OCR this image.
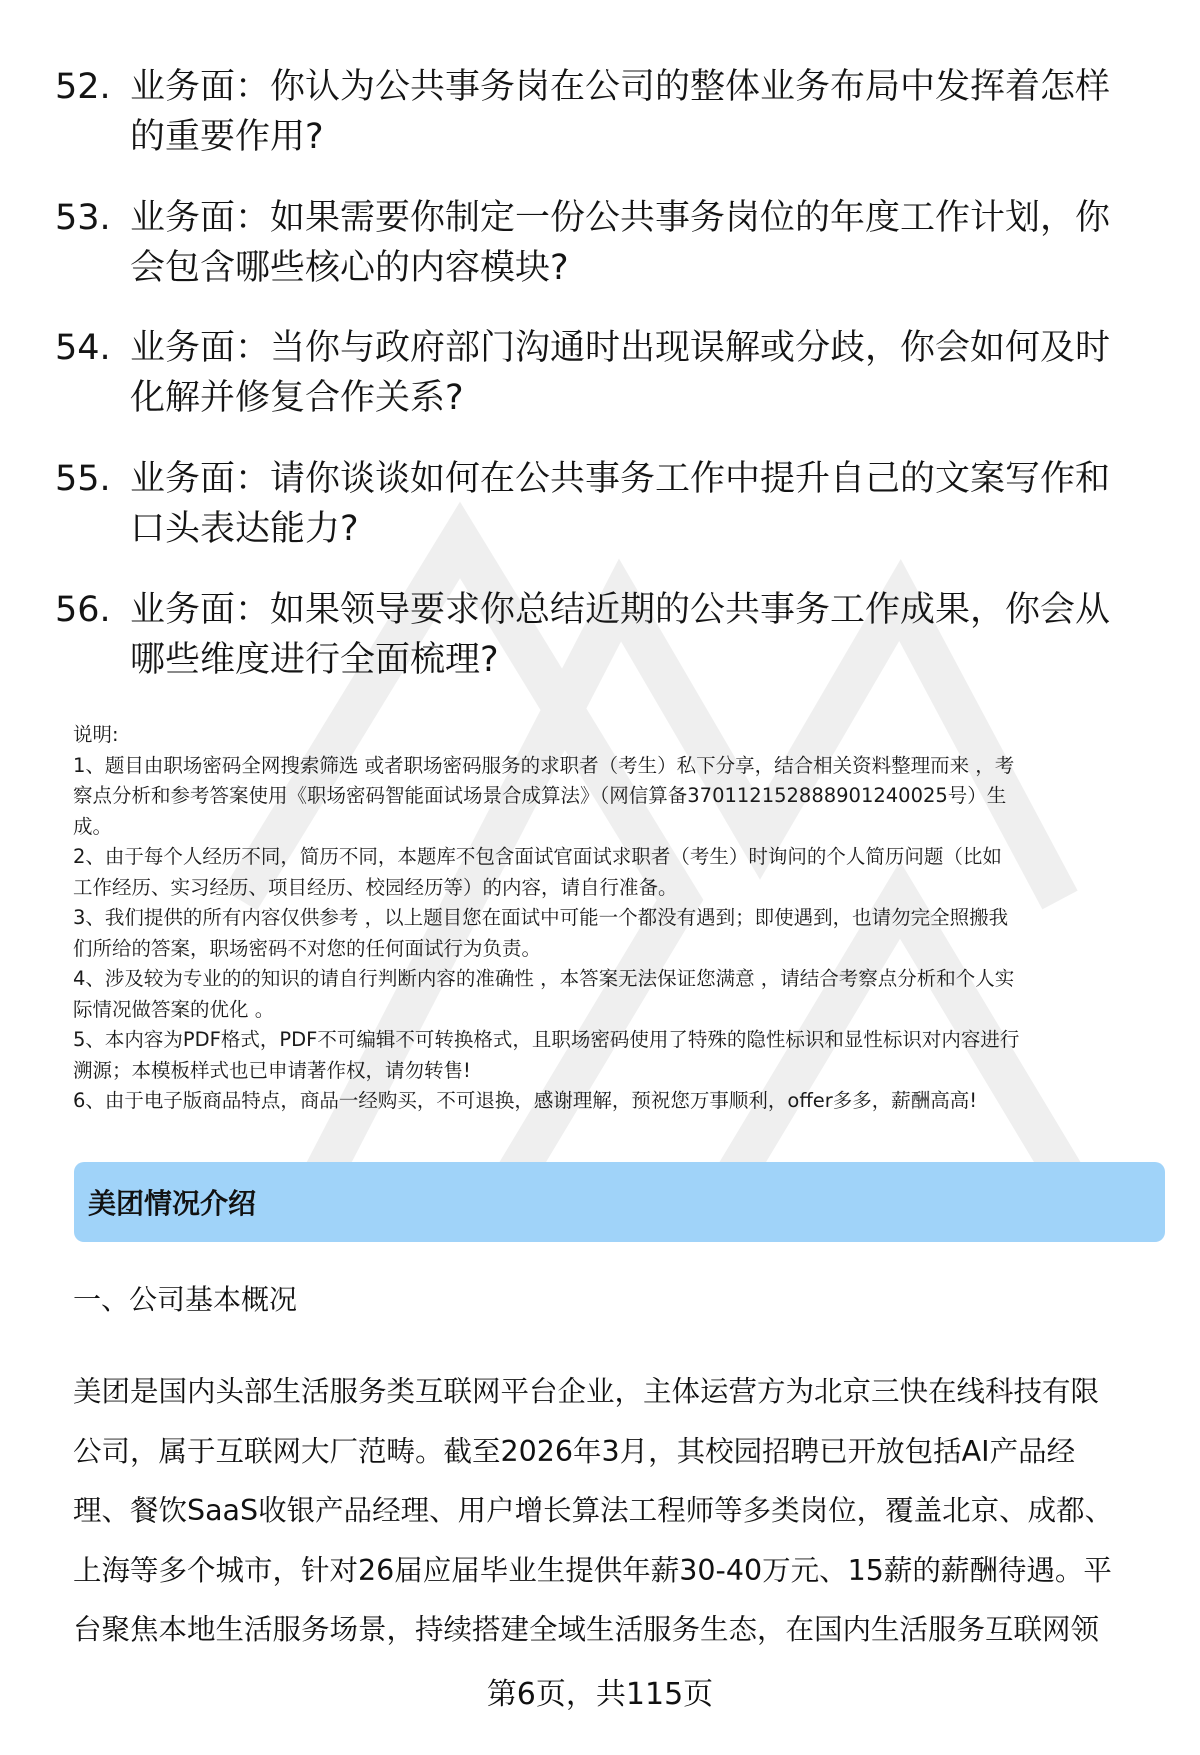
52. 业务面：你认为公共事务岗在公司的整体业务布局中发挥着怎样
的重要作用?
53. 业务面：如果需要你制定一份公共事务岗位的年度工作计划，你
会包含哪些核心的内容模块?
54. 业务面：当你与政府部门沟通时出现误解或分歧，你会如何及时
化解并修复合作关系?
55. 业务面：请你谈谈如何在公共事务工作中提升自己的文案写作和
口头表达能力?
56. 业务面：如果领导要求你总结近期的公共事务工作成果，你会从
哪些维度进行全面梳理?

说明:

1、题目由职场密码全网搜索筛选 或者职场密码服务的求职者（考生）私下分享，结合相关资料整理而来 ，考

察点分析和参考答案使用《职场密码智能面试场景合成算法》（网信算备370112152888901240025号）生

成。

2、由于每个人经历不同，简历不同，本题库不包含面试官面试求职者（考生）时询问的个人简历问题（比如

工作经历、实习经历、项目经历、校园经历等）的内容，请自行准备。

3、我们提供的所有内容仅供参考 ，以上题目您在面试中可能一个都没有遇到；即使遇到，也请勿完全照搬我

们所给的答案，职场密码不对您的任何面试行为负责。

4、涉及较为专业的的知识的请自行判断内容的准确性 ，本答案无法保证您满意 ，请结合考察点分析和个人实

际情况做答案的优化 。

5、本内容为PDF格式，PDF不可编辑不可转换格式，且职场密码使用了特殊的隐性标识和显性标识对内容进行

溯源；本模板样式也已申请著作权，请勿转售!

6、由于电子版商品特点，商品一经购买，不可退换，感谢理解，预祝您万事顺利，offer多多，薪酬高高!

美团情况介绍
一、公司基本概况
美团是国内头部生活服务类互联网平台企业，主体运营方为北京三快在线科技有限
公司，属于互联网大厂范畴。截至2026年3月，其校园招聘已开放包括AI产品经
理、餐饮SaaS收银产品经理、用户增长算法工程师等多类岗位，覆盖北京、成都、
上海等多个城市，针对26届应届毕业生提供年薪30-40万元、15薪的薪酬待遇。平
台聚焦本地生活服务场景，持续搭建全域生活服务生态，在国内生活服务互联网领
第6页，共115页
